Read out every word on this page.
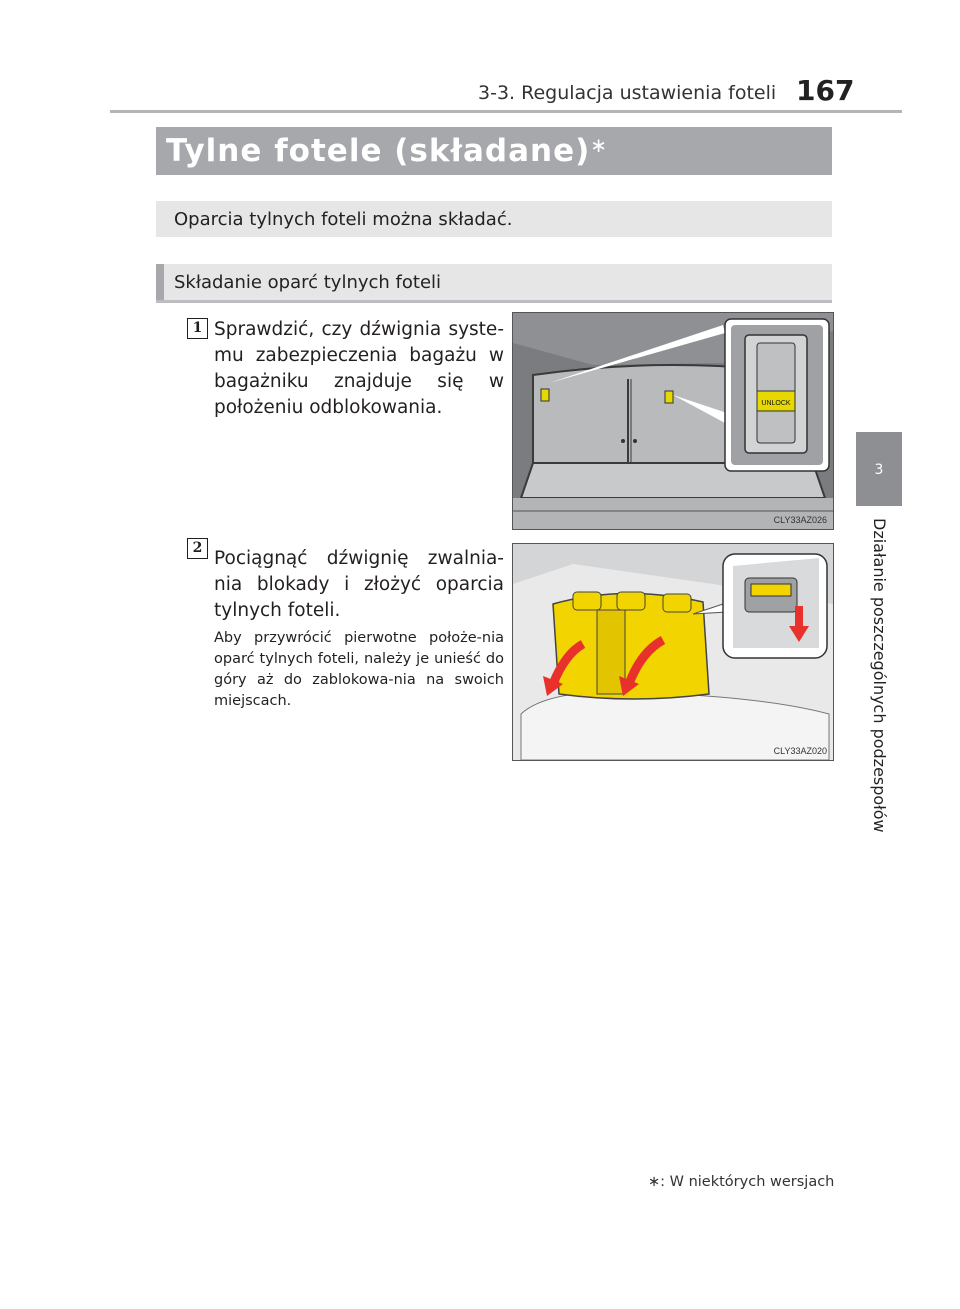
3-3. Regulacja ustawienia foteli 167
3
Działanie poszczególnych podzespołów
Tylne fotele (składane)∗
Oparcia tylnych foteli można składać.
Składanie oparć tylnych foteli
1 Sprawdzić, czy dźwignia syste-mu zabezpieczenia bagażu w bagażniku znajduje się w położeniu odblokowania.	UNLOCK
CLY33AZ026
2 Pociągnąć dźwignię zwalnia-nia blokady i złożyć oparcia tylnych foteli.
Aby przywrócić pierwotne położe-nia oparć tylnych foteli, należy je unieść do góry aż do zablokowa-nia na swoich miejscach.
CLY33AZ020
∗: W niektórych wersjach
